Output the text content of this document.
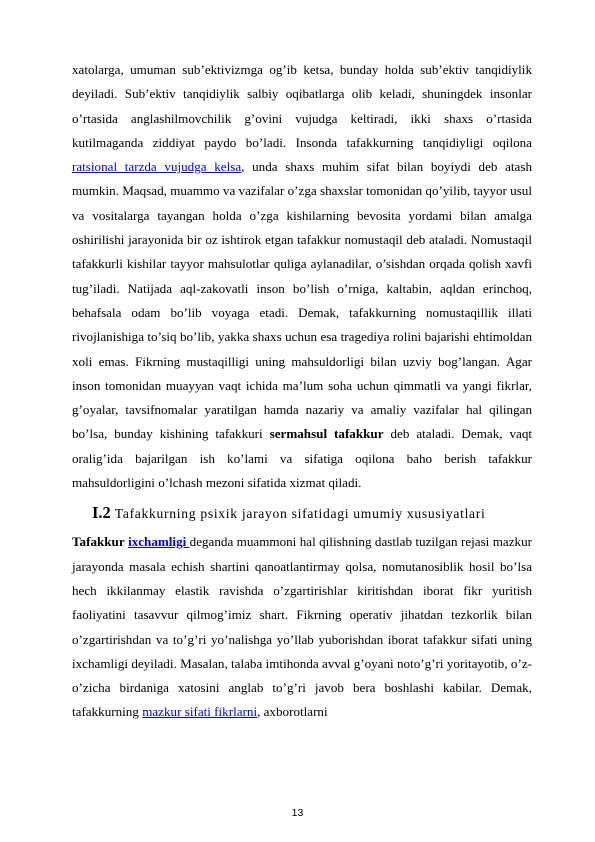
xatolarga, umuman sub’ektivizmga og’ib ketsa, bunday holda sub’ektiv tanqidiylik deyiladi. Sub’ektiv tanqidiylik salbiy oqibatlarga olib keladi, shuningdek insonlar o’rtasida anglashilmovchilik g’ovini vujudga keltiradi, ikki shaxs o’rtasida kutilmaganda ziddiyat paydo bo’ladi. Insonda tafakkurning tanqidiyligi oqilona ratsional tarzda vujudga kelsa, unda shaxs muhim sifat bilan boyiydi deb atash mumkin. Maqsad, muammo va vazifalar o’zga shaxslar tomonidan qo’yilib, tayyor usul va vositalarga tayangan holda o’zga kishilarning bevosita yordami bilan amalga oshirilishi jarayonida bir oz ishtirok etgan tafakkur nomustaqil deb ataladi. Nomustaqil tafakkurli kishilar tayyor mahsulotlar quliga aylanadilar, o’sishdan orqada qolish xavfi tug’iladi. Natijada aql-zakovatli inson bo’lish o’rniga, kaltabin, aqldan erinchoq, behafsala odam bo’lib voyaga etadi. Demak, tafakkurning nomustaqillik illati rivojlanishiga to’siq bo’lib, yakka shaxs uchun esa tragediya rolini bajarishi ehtimoldan xoli emas. Fikrning mustaqilligi uning mahsuldorligi bilan uzviy bog’langan. Agar inson tomonidan muayyan vaqt ichida ma’lum soha uchun qimmatli va yangi fikrlar, g’oyalar, tavsifnomalar yaratilgan hamda nazariy va amaliy vazifalar hal qilingan bo’lsa, bunday kishining tafakkuri sermahsul tafakkur deb ataladi. Demak, vaqt oralig’ida bajarilgan ish ko’lami va sifatiga oqilona baho berish tafakkur mahsuldorligini o’lchash mezoni sifatida xizmat qiladi.

I.2 Tafakkurning psixik jarayon sifatidagi umumiy xususiyatlari

Tafakkur ixchamligi deganda muammoni hal qilishning dastlab tuzilgan rejasi mazkur jarayonda masala echish shartini qanoatlantirmay qolsa, nomutanosiblik hosil bo’lsa hech ikkilanmay elastik ravishda o’zgartirishlar kiritishdan iborat fikr yuritish faoliyatini tasavvur qilmog’imiz shart. Fikrning operativ jihatdan tezkorlik bilan o’zgartirishdan va to’g’ri yo’nalishga yo’llab yuborishdan iborat tafakkur sifati uning ixchamligi deyiladi. Masalan, talaba imtihonda avval g’oyani noto’g’ri yoritayotib, o’z-o’zicha birdaniga xatosini anglab to’g’ri javob bera boshlashi kabilar. Demak, tafakkurning mazkur sifati fikrlarni, axborotlarni

13
